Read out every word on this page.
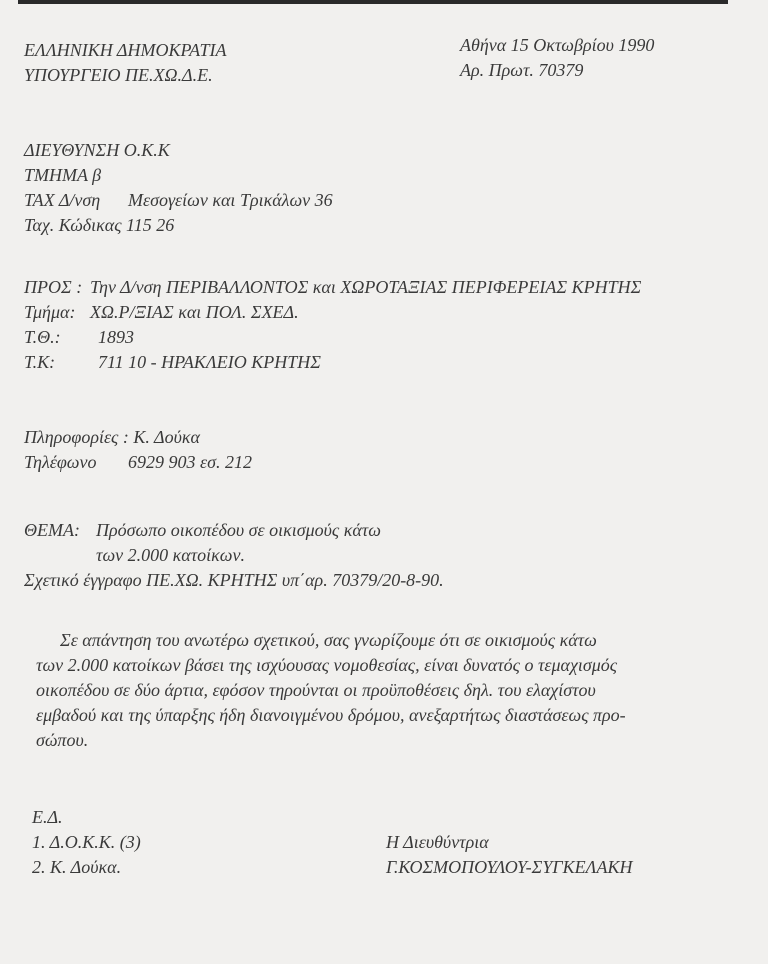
ΕΛΛΗΝΙΚΗ ΔΗΜΟΚΡΑΤΙΑ
ΥΠΟΥΡΓΕΙΟ ΠΕ.ΧΩ.Δ.Ε.
Αθήνα 15 Οκτωβρίου 1990
Αρ. Πρωτ. 70379
ΔΙΕΥΘΥΝΣΗ Ο.Κ.Κ
ΤΜΗΜΑ β
ΤΑΧ Δ/νση Μεσογείων και Τρικάλων 36
Ταχ. Κώδικας 115 26
ΠΡΟΣ : Την Δ/νση ΠΕΡΙΒΑΛΛΟΝΤΟΣ και ΧΩΡΟΤΑΞΙΑΣ ΠΕΡΙΦΕΡΕΙΑΣ ΚΡΗΤΗΣ
Τμήμα: ΧΩ.Ρ/ΞΙΑΣ και ΠΟΛ. ΣΧΕΔ.
Τ.Θ.: 1893
Τ.Κ: 711 10 - ΗΡΑΚΛΕΙΟ ΚΡΗΤΗΣ
Πληροφορίες : Κ. Δούκα
Τηλέφωνο 6929 903 εσ. 212
ΘΕΜΑ: Πρόσωπο οικοπέδου σε οικισμούς κάτω
των 2.000 κατοίκων.
Σχετικό έγγραφο ΠΕ.ΧΩ. ΚΡΗΤΗΣ υπ΄αρ. 70379/20-8-90.
Σε απάντηση του ανωτέρω σχετικού, σας γνωρίζουμε ότι σε οικισμούς κάτω
των 2.000 κατοίκων βάσει της ισχύουσας νομοθεσίας, είναι δυνατός ο τεμαχισμός
οικοπέδου σε δύο άρτια, εφόσον τηρούνται οι προϋποθέσεις δηλ. του ελαχίστου
εμβαδού και της ύπαρξης ήδη διανοιγμένου δρόμου, ανεξαρτήτως διαστάσεως προ-
σώπου.
Ε.Δ.
1. Δ.Ο.Κ.Κ. (3)
2. Κ. Δούκα.
Η Διευθύντρια
Γ.ΚΟΣΜΟΠΟΥΛΟΥ-ΣΥΓΚΕΛΑΚΗ
